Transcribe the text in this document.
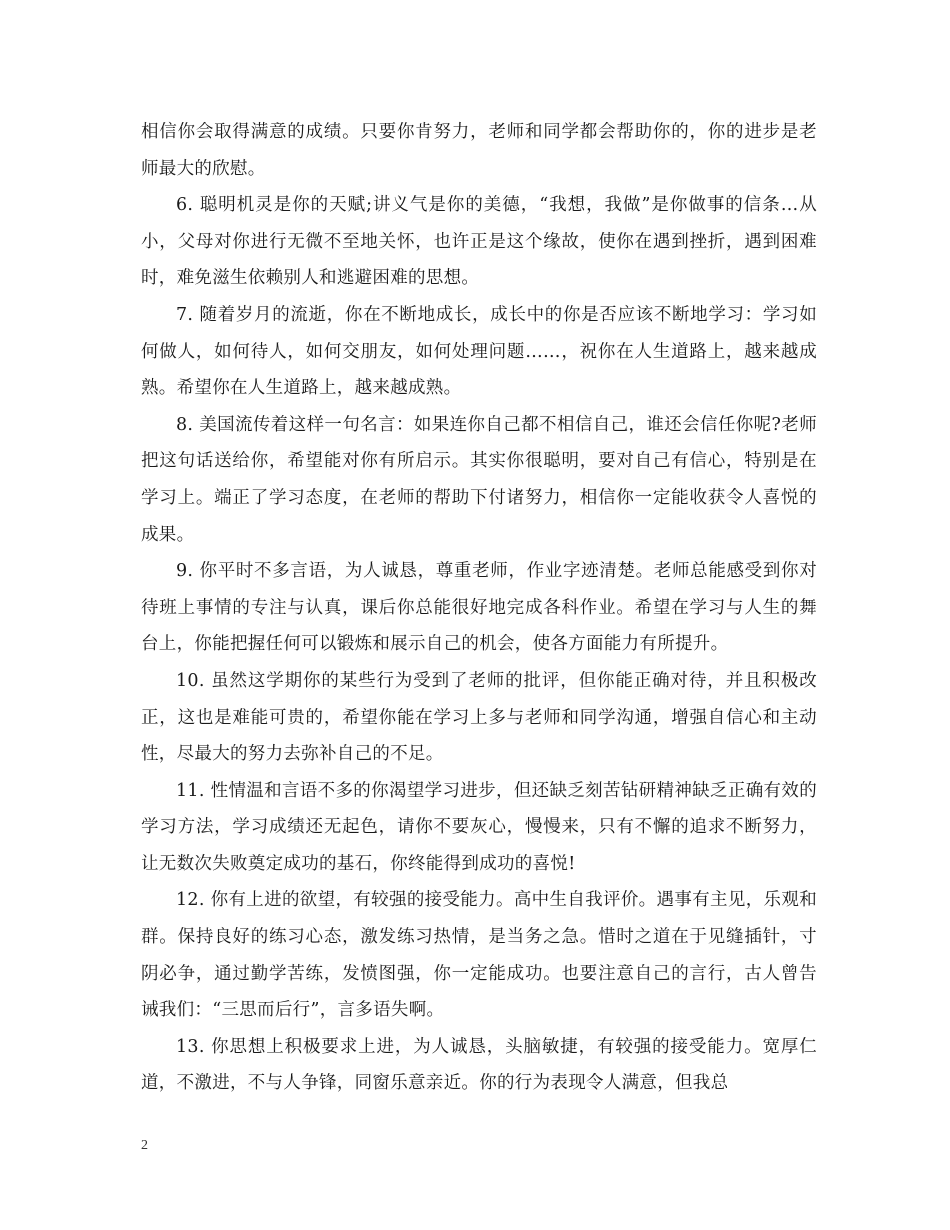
相信你会取得满意的成绩。只要你肯努力，老师和同学都会帮助你的，你的进步是老师最大的欣慰。

6. 聪明机灵是你的天赋;讲义气是你的美德，“我想，我做”是你做事的信条…从小，父母对你进行无微不至地关怀，也许正是这个缘故，使你在遇到挫折，遇到困难时，难免滋生依赖别人和逃避困难的思想。

7. 随着岁月的流逝，你在不断地成长，成长中的你是否应该不断地学习：学习如何做人，如何待人，如何交朋友，如何处理问题……，祝你在人生道路上，越来越成熟。希望你在人生道路上，越来越成熟。

8. 美国流传着这样一句名言：如果连你自己都不相信自己，谁还会信任你呢?老师把这句话送给你，希望能对你有所启示。其实你很聪明，要对自己有信心，特别是在学习上。端正了学习态度，在老师的帮助下付诸努力，相信你一定能收获令人喜悦的成果。

9. 你平时不多言语，为人诚恳，尊重老师，作业字迹清楚。老师总能感受到你对待班上事情的专注与认真，课后你总能很好地完成各科作业。希望在学习与人生的舞台上，你能把握任何可以锻炼和展示自己的机会，使各方面能力有所提升。

10. 虽然这学期你的某些行为受到了老师的批评，但你能正确对待，并且积极改正，这也是难能可贵的，希望你能在学习上多与老师和同学沟通，增强自信心和主动性，尽最大的努力去弥补自己的不足。

11. 性情温和言语不多的你渴望学习进步，但还缺乏刻苦钻研精神缺乏正确有效的学习方法，学习成绩还无起色，请你不要灰心，慢慢来，只有不懈的追求不断努力，让无数次失败奠定成功的基石，你终能得到成功的喜悦!

12. 你有上进的欲望，有较强的接受能力。高中生自我评价。遇事有主见，乐观和群。保持良好的练习心态，激发练习热情，是当务之急。惜时之道在于见缝插针，寸阴必争，通过勤学苦练，发愤图强，你一定能成功。也要注意自己的言行，古人曾告诫我们：“三思而后行”，言多语失啊。

13. 你思想上积极要求上进，为人诚恳，头脑敏捷，有较强的接受能力。宽厚仁道，不激进，不与人争锋，同窗乐意亲近。你的行为表现令人满意，但我总

2
